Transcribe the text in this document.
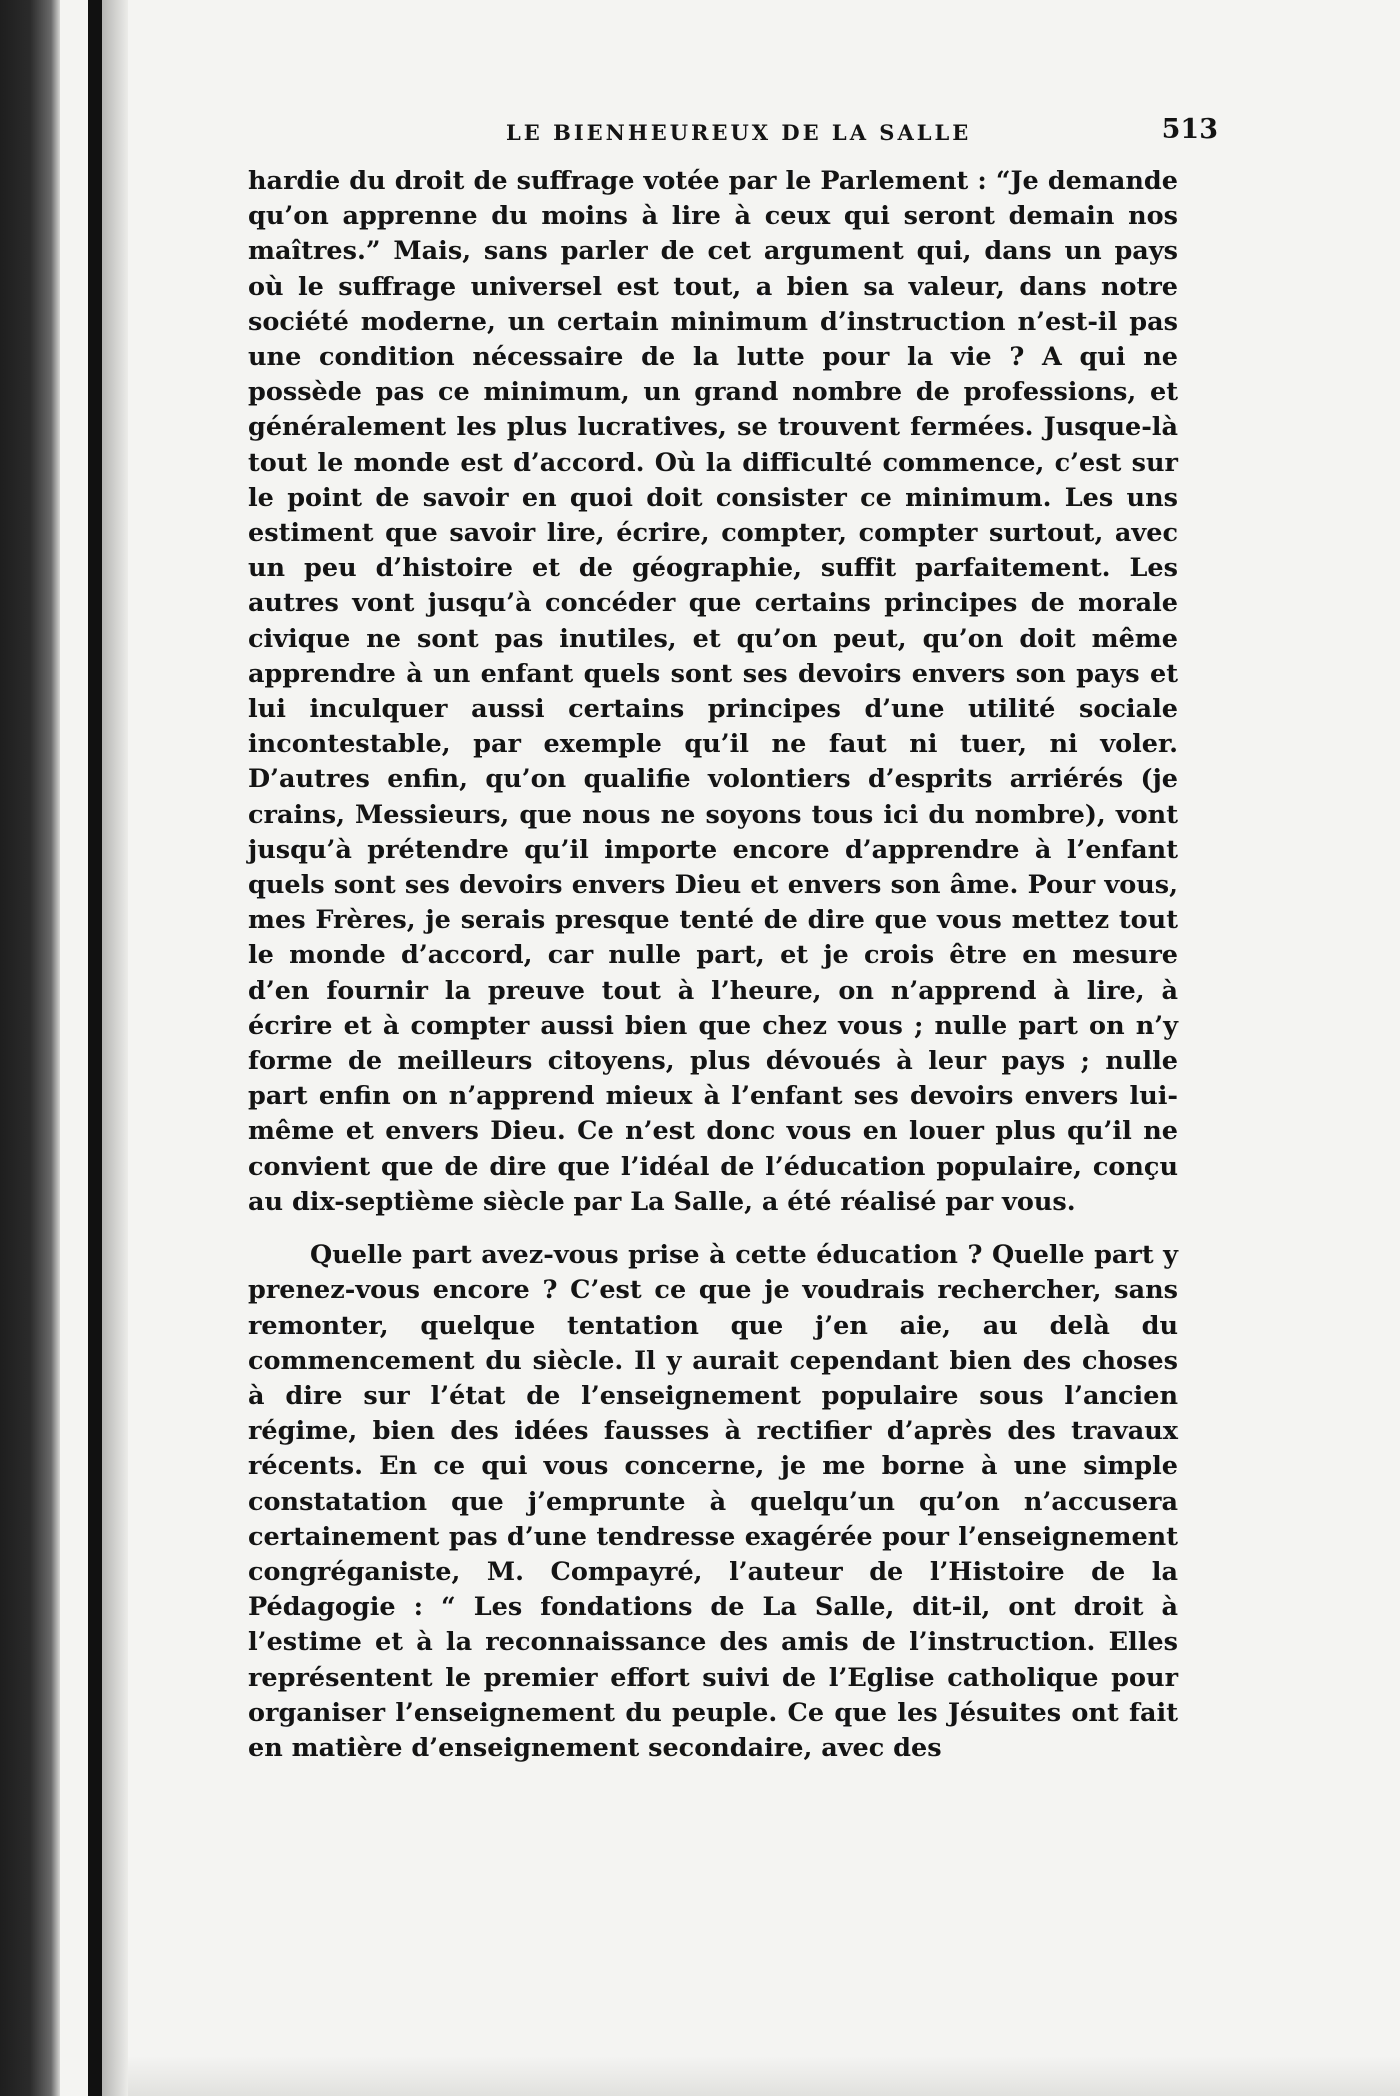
LE BIENHEUREUX DE LA SALLE	513

hardie du droit de suffrage votée par le Parlement : “Je demande qu’on apprenne du moins à lire à ceux qui seront demain nos maîtres.” Mais, sans parler de cet argument qui, dans un pays où le suffrage universel est tout, a bien sa valeur, dans notre société moderne, un certain minimum d’instruction n’est-il pas une condition nécessaire de la lutte pour la vie ? A qui ne possède pas ce minimum, un grand nombre de professions, et généralement les plus lucratives, se trouvent fermées. Jusque-là tout le monde est d’accord. Où la difficulté commence, c’est sur le point de savoir en quoi doit consister ce minimum. Les uns estiment que savoir lire, écrire, compter, compter surtout, avec un peu d’histoire et de géographie, suffit parfaitement. Les autres vont jusqu’à concéder que certains principes de morale civique ne sont pas inutiles, et qu’on peut, qu’on doit même apprendre à un enfant quels sont ses devoirs envers son pays et lui inculquer aussi certains principes d’une utilité sociale incontestable, par exemple qu’il ne faut ni tuer, ni voler. D’autres enfin, qu’on qualifie volontiers d’esprits arriérés (je crains, Messieurs, que nous ne soyons tous ici du nombre), vont jusqu’à prétendre qu’il importe encore d’apprendre à l’enfant quels sont ses devoirs envers Dieu et envers son âme. Pour vous, mes Frères, je serais presque tenté de dire que vous mettez tout le monde d’accord, car nulle part, et je crois être en mesure d’en fournir la preuve tout à l’heure, on n’apprend à lire, à écrire et à compter aussi bien que chez vous ; nulle part on n’y forme de meilleurs citoyens, plus dévoués à leur pays ; nulle part enfin on n’apprend mieux à l’enfant ses devoirs envers lui-même et envers Dieu. Ce n’est donc vous en louer plus qu’il ne convient que de dire que l’idéal de l’éducation populaire, conçu au dix-septième siècle par La Salle, a été réalisé par vous.

Quelle part avez-vous prise à cette éducation ? Quelle part y prenez-vous encore ? C’est ce que je voudrais rechercher, sans remonter, quelque tentation que j’en aie, au delà du commencement du siècle. Il y aurait cependant bien des choses à dire sur l’état de l’enseignement populaire sous l’ancien régime, bien des idées fausses à rectifier d’après des travaux récents. En ce qui vous concerne, je me borne à une simple constatation que j’emprunte à quelqu’un qu’on n’accusera certainement pas d’une tendresse exagérée pour l’enseignement congréganiste, M. Compayré, l’auteur de l’Histoire de la Pédagogie : “ Les fondations de La Salle, dit-il, ont droit à l’estime et à la reconnaissance des amis de l’instruction. Elles représentent le premier effort suivi de l’Eglise catholique pour organiser l’enseignement du peuple. Ce que les Jésuites ont fait en matière d’enseignement secondaire, avec des
